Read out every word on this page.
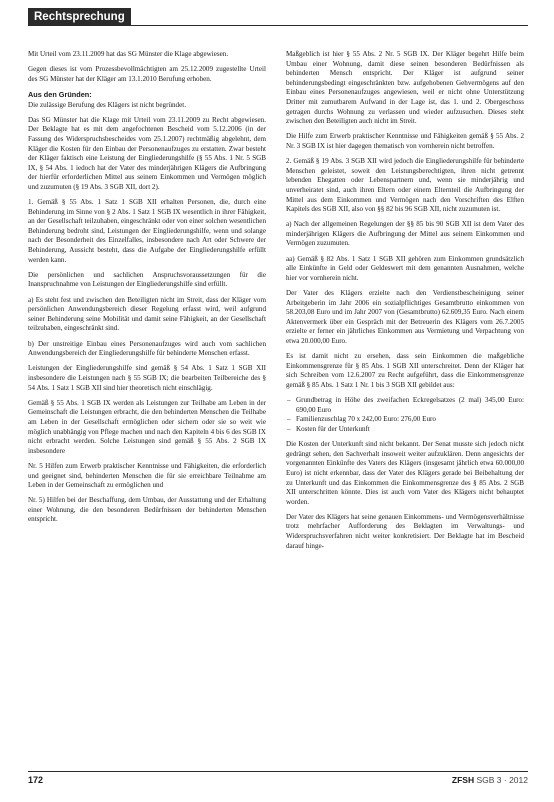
Rechtsprechung

Mit Urteil vom 23.11.2009 hat das SG Münster die Klage abgewiesen.

Gegen dieses ist vom Prozessbevollmächtigten am 25.12.2009 zugestellte Urteil des SG Münster hat der Kläger am 13.1.2010 Berufung erhoben.

Aus den Gründen:

Die zulässige Berufung des Klägers ist nicht begründet.

Das SG Münster hat die Klage mit Urteil vom 23.11.2009 zu Recht abgewiesen. Der Beklagte hat es mit dem angefochtenen Bescheid vom 5.12.2006 (in der Fassung des Widerspruchsbescheides vom 25.1.2007) rechtmäßig abgelehnt, dem Kläger die Kosten für den Einbau der Personenaufzuges zu erstatten. Zwar besteht der Kläger faktisch eine Leistung der Eingliederungshilfe (§ 55 Abs. 1 Nr. 5 SGB IX, § 54 Abs. 1 iedoch hat der Vater des minderjährigen Klägers die Aufbringung der hierfür erforderlichen Mittel aus seinem Einkommen und Vermögen möglich und zuzumuten (§ 19 Abs. 3 SGB XII, dort 2).

1. Gemäß § 55 Abs. 1 Satz 1 SGB XII erhalten Personen, die, durch eine Behinderung im Sinne von § 2 Abs. 1 Satz 1 SGB IX wesentlich in ihrer Fähigkeit, an der Gesellschaft teilzuhaben, eingeschränkt oder von einer solchen wesentlichen Behinderung bedroht sind, Leistungen der Eingliederungshilfe, wenn und solange nach der Besonderheit des Einzelfalles, insbesondere nach Art oder Schwere der Behinderung, Aussicht besteht, dass die Aufgabe der Eingliederungshilfe erfüllt werden kann.

Die persönlichen und sachlichen Anspruchsvoraussetzungen für die Inanspruchnahme von Leistungen der Eingliederungshilfe sind erfüllt.

a) Es steht fest und zwischen den Beteiligten nicht im Streit, dass der Kläger vom persönlichen Anwendungsbereich dieser Regelung erfasst wird, weil aufgrund seiner Behinderung seine Mobilität und damit seine Fähigkeit, an der Gesellschaft teilzuhaben, eingeschränkt sind.

b) Der unstreitige Einbau eines Personenaufzuges wird auch vom sachlichen Anwendungsbereich der Eingliederungshilfe für behinderte Menschen erfasst.

Leistungen der Eingliederungshilfe sind gemäß § 54 Abs. 1 Satz 1 SGB XII insbesondere die Leistungen nach § 55 SGB IX; die bearbeiten Teilbereiche des § 54 Abs. 1 Satz 1 SGB XII sind hier theoretisch nicht einschlägig.

Gemäß § 55 Abs. 1 SGB IX werden als Leistungen zur Teilhabe am Leben in der Gemeinschaft die Leistungen erbracht, die den behinderten Menschen die Teilhabe am Leben in der Gesellschaft ermöglichen oder sichern oder sie so weit wie möglich unabhängig von Pflege machen und nach den Kapiteln 4 bis 6 des SGB IX nicht erbracht werden. Solche Leistungen sind gemäß § 55 Abs. 2 SGB IX insbesondere

Nr. 5 Hilfen zum Erwerb praktischer Kenntnisse und Fähigkeiten, die erforderlich und geeignet sind, behinderten Menschen die für sie erreichbare Teilnahme am Leben in der Gemeinschaft zu ermöglichen und

Nr. 5) Hilfen bei der Beschaffung, dem Umbau, der Ausstattung und der Erhaltung einer Wohnung, die den besonderen Bedürfnissen der behinderten Menschen entspricht.

Maßgeblich ist hier § 55 Abs. 2 Nr. 5 SGB IX. Der Kläger begehrt Hilfe beim Umbau einer Wohnung, damit diese seinen besonderen Bedürfnissen als behinderten Mensch entspricht. Der Kläger ist aufgrund seiner behinderungsbedingt eingeschränkten bzw. aufgehobenen Gehvermögens auf den Einbau eines Personenaufzuges angewiesen, weil er nicht ohne Unterstützung Dritter mit zumutbarem Aufwand in der Lage ist, das 1. und 2. Obergeschoss getragen durchs Wohnung zu verlassen und wieder aufzusuchen. Dieses steht zwischen den Beteiligten auch nicht im Streit.

Die Hilfe zum Erwerb praktischer Kenntnisse und Fähigkeiten gemäß § 55 Abs. 2 Nr. 3 SGB IX ist hier dagegen thematisch von vornherein nicht betroffen.

2. Gemäß § 19 Abs. 3 SGB XII wird jedoch die Eingliederungshilfe für behinderte Menschen geleistet, soweit den Leistungsberechtigten, ihren nicht getrennt lebenden Ehegatten oder Lebenspartnern und, wenn sie minderjährig und unverheiratet sind, auch ihren Eltern oder einem Elternteil die Aufbringung der Mittel aus dem Einkommen und Vermögen nach den Vorschriften des Elften Kapitels des SGB XII, also von §§ 82 bis 96 SGB XII, nicht zuzumuten ist.

a) Nach der allgemeinen Regelungen der §§ 85 bis 90 SGB XII ist dem Vater des minderjährigen Klägers die Aufbringung der Mittel aus seinem Einkommen und Vermögen zuzumuten.

aa) Gemäß § 82 Abs. 1 Satz 1 SGB XII gehören zum Einkommen grundsätzlich alle Einkünfte in Geld oder Geldeswert mit dem genannten Ausnahmen, welche hier vor vornherein nicht.

Der Vater des Klägers erzielte nach den Verdienstbescheinigung seiner Arbeitgeberin im Jahr 2006 ein sozialpflichtiges Gesamtbrutto einkommen von 58.203,08 Euro und im Jahr 2007 von (Gesamtbrutto) 62.609,35 Euro. Nach einem Aktenvermerk über ein Gespräch mit der Betreuerin des Klägers vom 26.7.2005 erzielte er ferner ein jährliches Einkommen aus Vermietung und Verpachtung von etwa 20.000,00 Euro.

Es ist damit nicht zu ersehen, dass sein Einkommen die maßgebliche Einkommensgrenze für § 85 Abs. 1 SGB XII unterschreitet. Denn der Kläger hat sich Schreiben vom 12.6.2007 zu Recht aufgeführt, dass die Einkommensgrenze gemäß § 85 Abs. 1 Satz 1 Nr. 1 bis 3 SGB XII gebildet aus:

– Grundbetrag in Höhe des zweifachen Eckregelsatzes (2 mal) 345,00 Euro: 690,00 Euro
– Familienzuschlag 70 x 242,00 Euro: 276,00 Euro
– Kosten für der Unterkunft

Die Kosten der Unterkunft sind nicht bekannt. Der Senat musste sich jedoch nicht gedrängt sehen, den Sachverhalt insoweit weiter aufzuklären. Denn angesichts der vorgenannten Einkünfte des Vaters des Klägers (insgesamt jährlich etwa 60.000,00 Euro) ist nicht erkennbar, dass der Vater des Klägers gerade bei Beibehaltung der zu Unterkunft und das Einkommen die Einkommensgrenze des § 85 Abs. 2 SGB XII unterschritten könnte. Dies ist auch vom Vater des Klägers nicht behauptet worden.

Der Vater des Klägers hat seine genauen Einkommens- und Vermögensverhältnisse trotz mehrfacher Aufforderung des Beklagten im Verwaltungs- und Widerspruchsverfahren nicht weiter konkretisiert. Der Beklagte hat im Bescheid darauf hinge-

172	ZFSH SGB 3 · 2012
